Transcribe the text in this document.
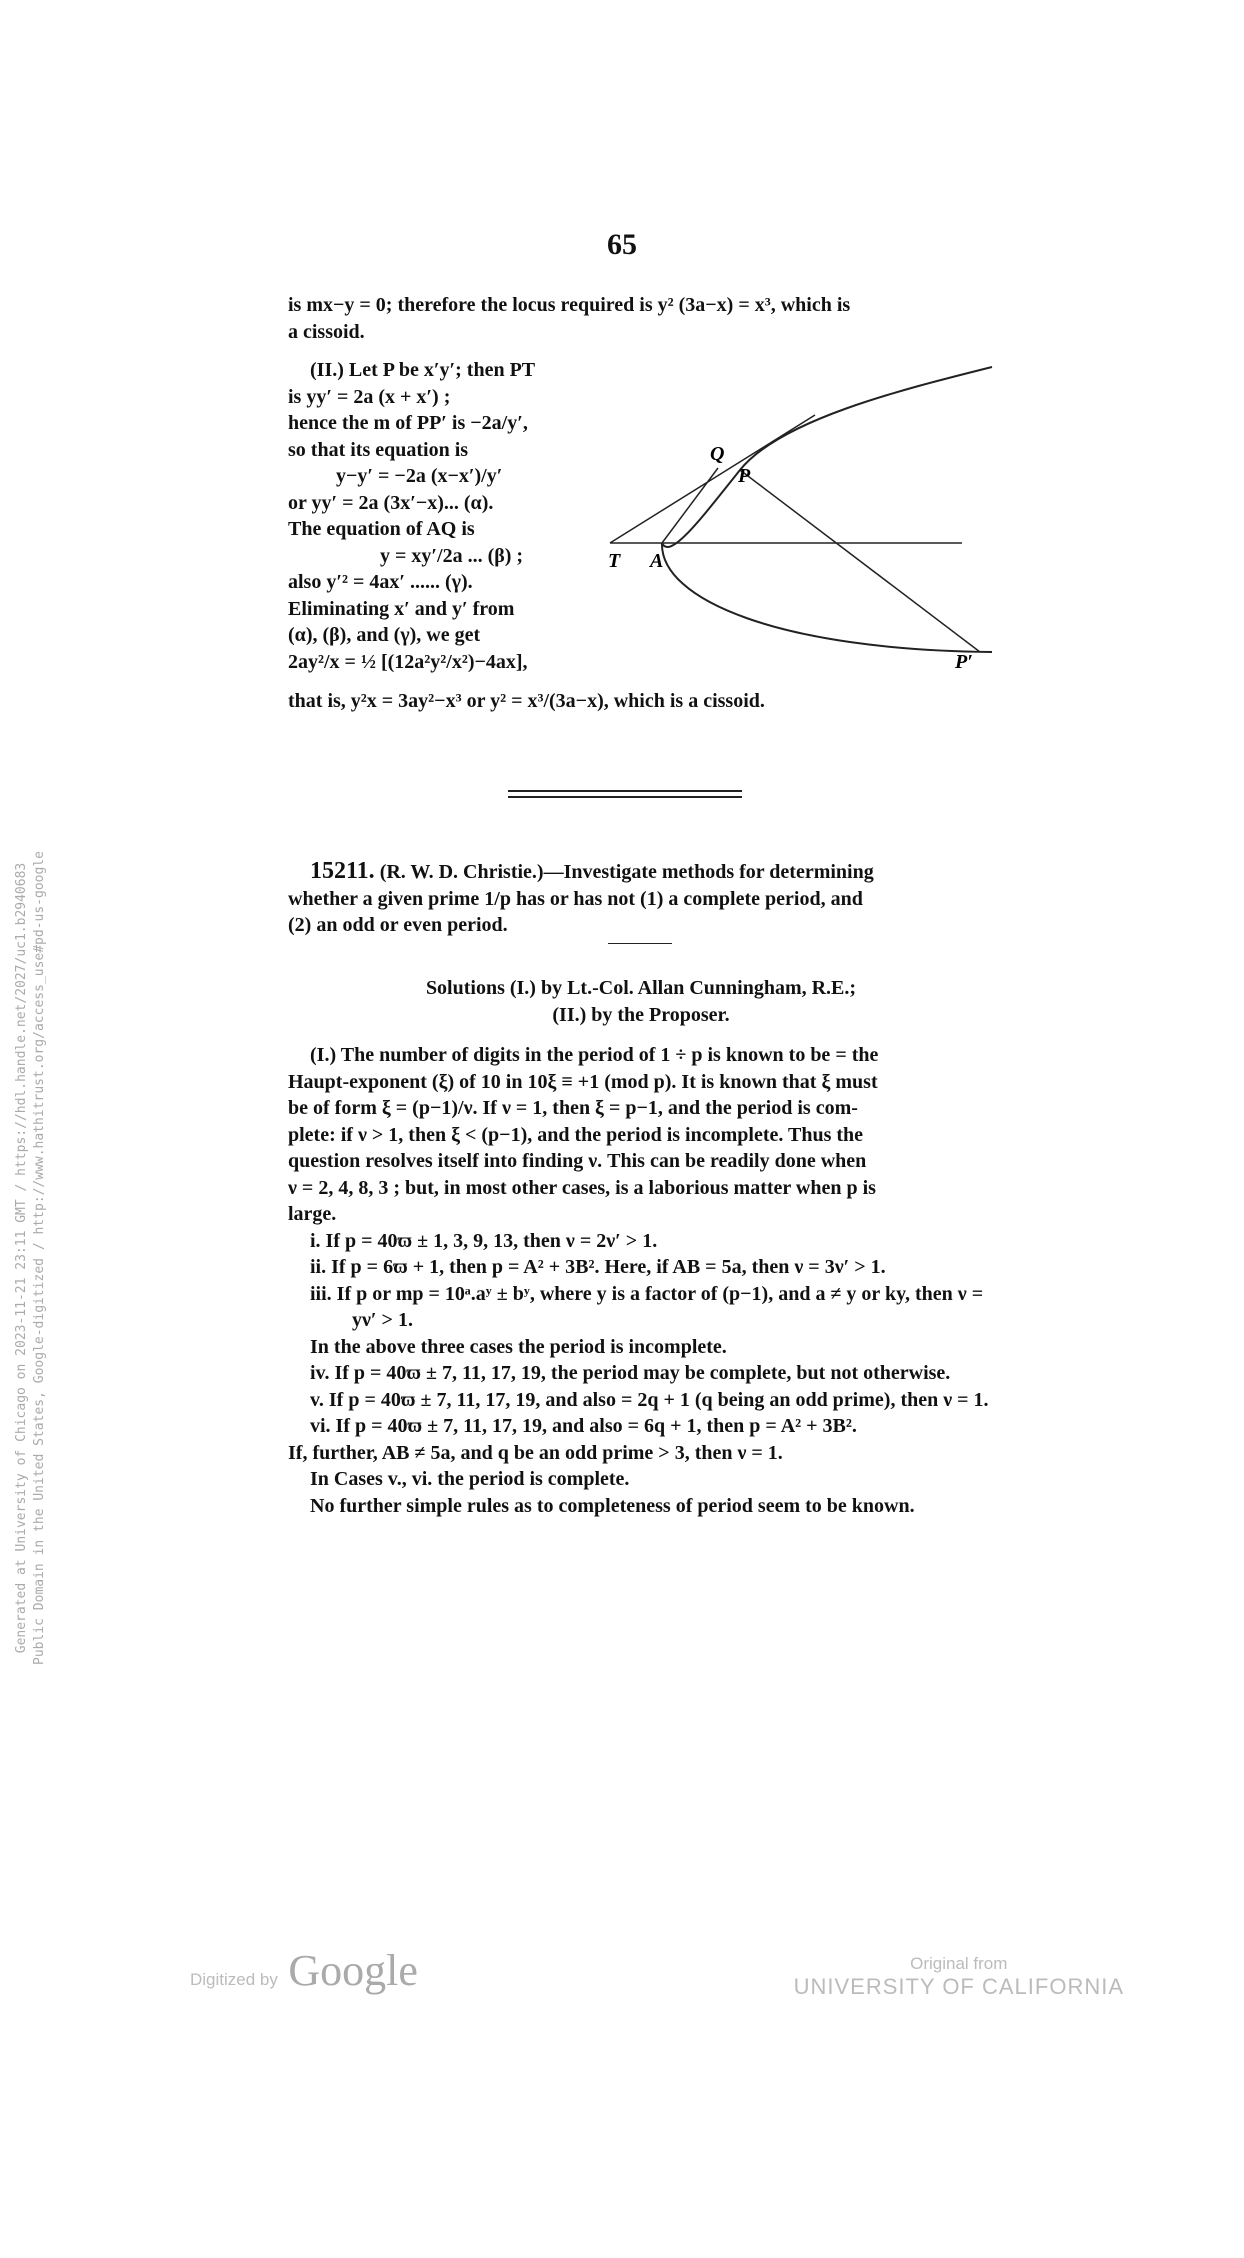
65
is mx−y = 0; therefore the locus required is y² (3a−x) = x³, which is
a cissoid.
(II.) Let P be x′y′; then PT
is yy′ = 2a (x + x′) ;
hence the m of PP′ is −2a/y′,
so that its equation is
y−y′ = −2a (x−x′)/y′
or yy′ = 2a (3x′−x)... (α).
The equation of AQ is
y = xy′/2a ... (β) ;
also y′² = 4ax′ ...... (γ).
Eliminating x′ and y′ from
(α), (β), and (γ), we get
2ay²/x = ½ [(12a²y²/x²)−4ax],
Q
P
T A
P′
that is, y²x = 3ay²−x³ or y² = x³/(3a−x), which is a cissoid.
15211. (R. W. D. Christie.)—Investigate methods for determining
whether a given prime 1/p has or has not (1) a complete period, and
(2) an odd or even period.
Solutions (I.) by Lt.-Col. Allan Cunningham, R.E.;
(II.) by the Proposer.
(I.) The number of digits in the period of 1 ÷ p is known to be = the
Haupt-exponent (ξ) of 10 in 10ξ ≡ +1 (mod p). It is known that ξ must
be of form ξ = (p−1)/ν. If ν = 1, then ξ = p−1, and the period is com-
plete: if ν > 1, then ξ < (p−1), and the period is incomplete. Thus the
question resolves itself into finding ν. This can be readily done when
ν = 2, 4, 8, 3 ; but, in most other cases, is a laborious matter when p is
large.
i. If p = 40ϖ ± 1, 3, 9, 13, then ν = 2ν′ > 1.
ii. If p = 6ϖ + 1, then p = A² + 3B². Here, if AB = 5a, then ν = 3ν′ > 1.
iii. If p or mp = 10ᵃ.aʸ ± bʸ, where y is a factor of (p−1), and a ≠ y or ky, then ν = yν′ > 1.
In the above three cases the period is incomplete.
iv. If p = 40ϖ ± 7, 11, 17, 19, the period may be complete, but not otherwise.
v. If p = 40ϖ ± 7, 11, 17, 19, and also = 2q + 1 (q being an odd prime), then ν = 1.
vi. If p = 40ϖ ± 7, 11, 17, 19, and also = 6q + 1, then p = A² + 3B².
If, further, AB ≠ 5a, and q be an odd prime > 3, then ν = 1.
In Cases v., vi. the period is complete.
No further simple rules as to completeness of period seem to be known.
Generated at University of Chicago on 2023-11-21 23:11 GMT / https://hdl.handle.net/2027/uc1.b2940683 Public Domain in the United States, Google-digitized / http://www.hathitrust.org/access_use#pd-us-google
Digitized by Google	Original from
UNIVERSITY OF CALIFORNIA
